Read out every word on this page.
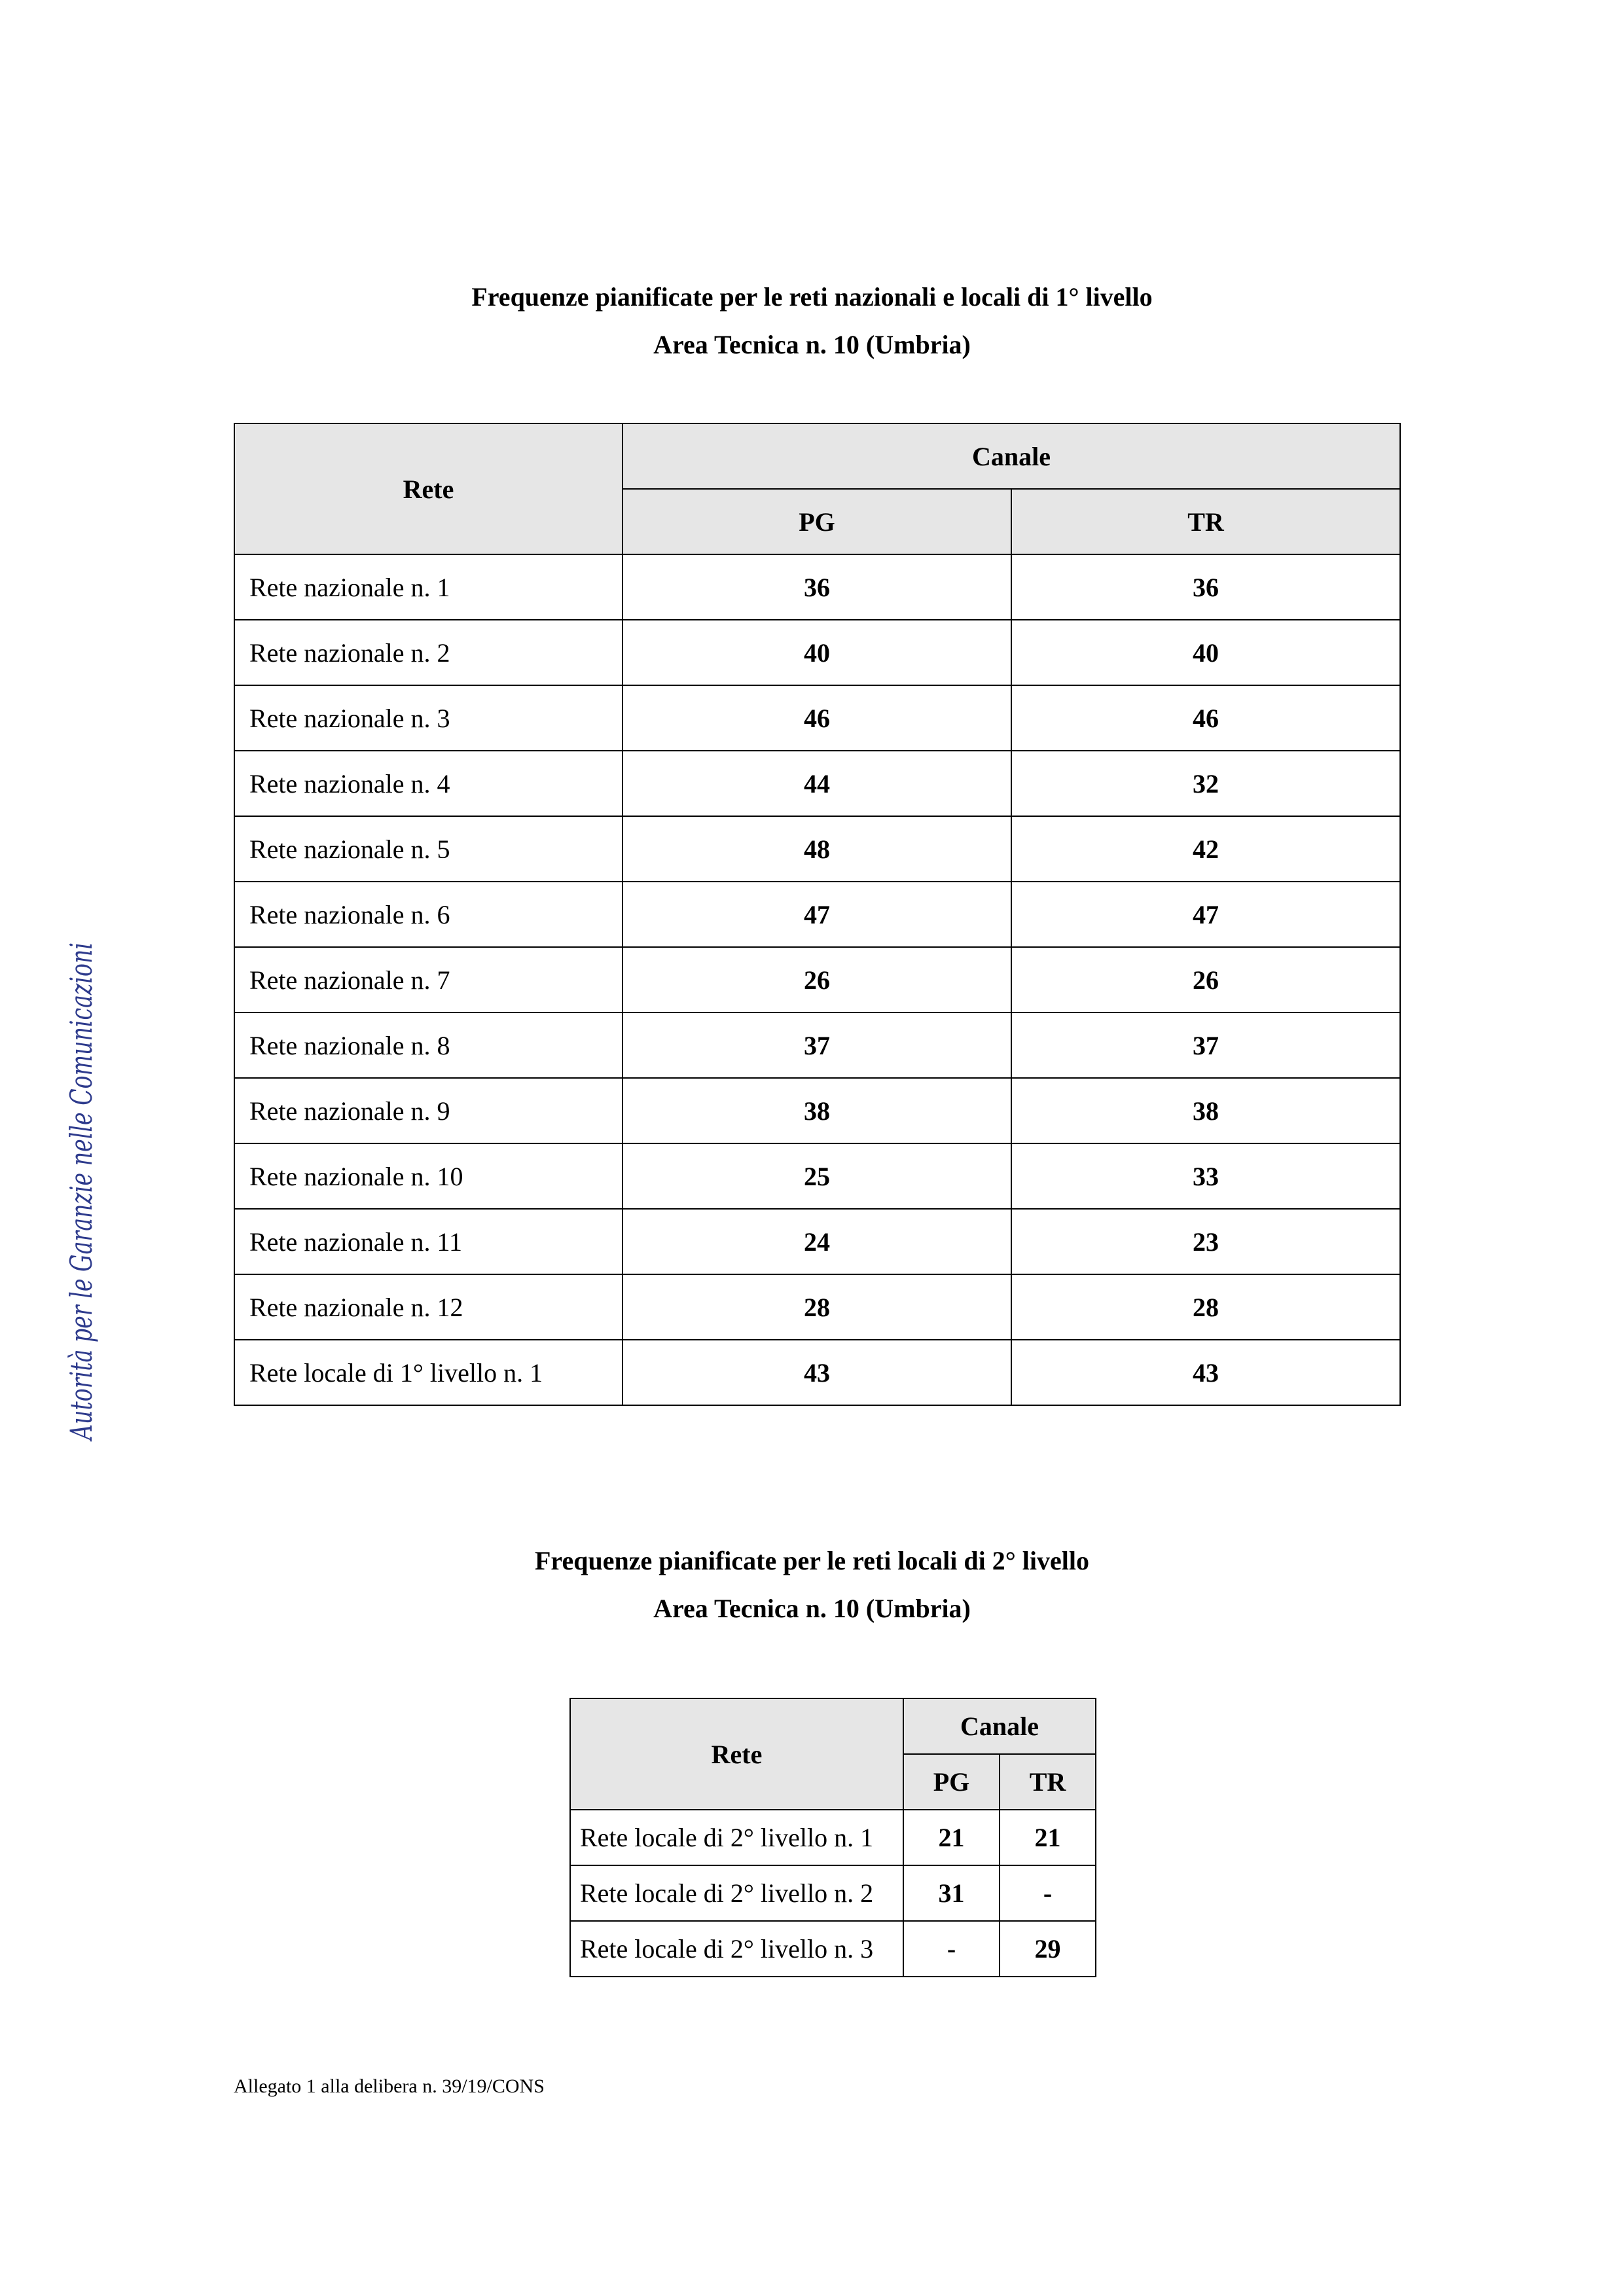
Autorità per le Garanzie nelle Comunicazioni
Frequenze pianificate per le reti nazionali e locali di 1° livello
Area Tecnica n. 10 (Umbria)
Rete	Canale	
	PG	TR
Rete nazionale n. 1	36	36
Rete nazionale n. 2	40	40
Rete nazionale n. 3	46	46
Rete nazionale n. 4	44	32
Rete nazionale n. 5	48	42
Rete nazionale n. 6	47	47
Rete nazionale n. 7	26	26
Rete nazionale n. 8	37	37
Rete nazionale n. 9	38	38
Rete nazionale n. 10	25	33
Rete nazionale n. 11	24	23
Rete nazionale n. 12	28	28
Rete locale di 1° livello n. 1	43	43
Frequenze pianificate per le reti locali di 2° livello
Area Tecnica n. 10 (Umbria)
Rete	Canale	
	PG	TR
Rete locale di 2° livello n. 1	21	21
Rete locale di 2° livello n. 2	31	-
Rete locale di 2° livello n. 3	-	29
Allegato 1 alla delibera n. 39/19/CONS
